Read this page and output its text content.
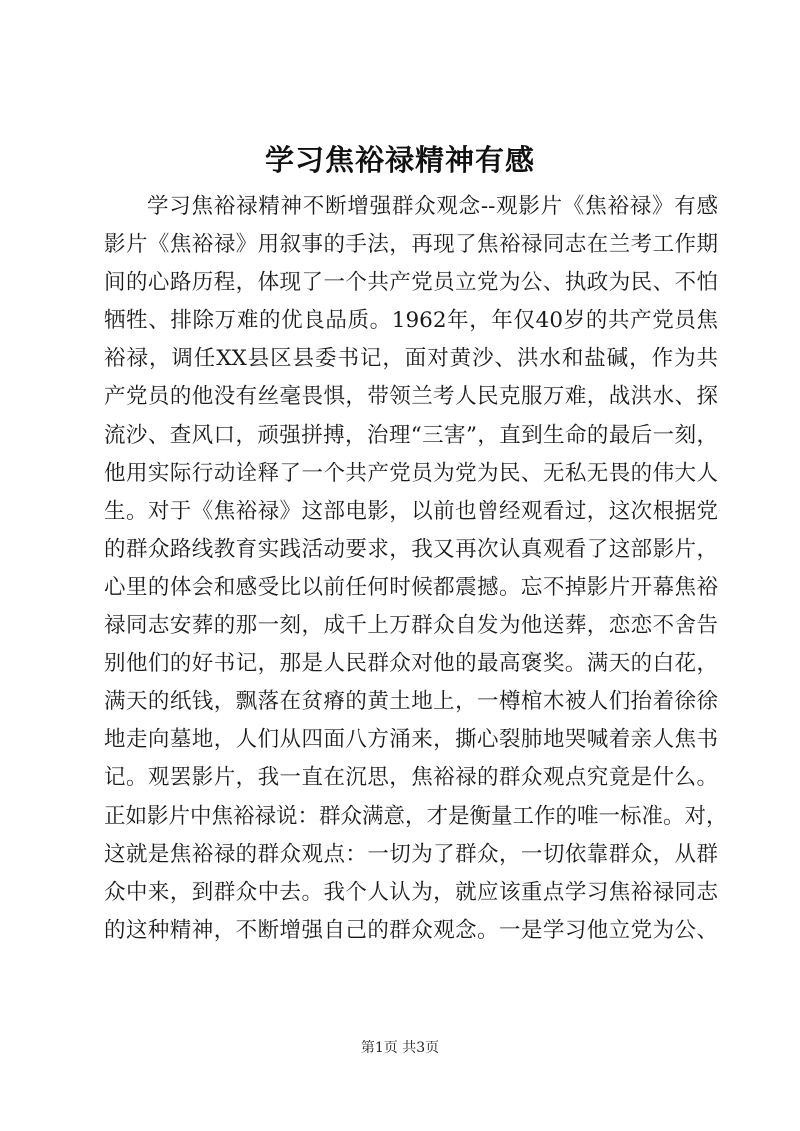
学习焦裕禄精神有感
学习焦裕禄精神不断增强群众观念--观影片《焦裕禄》有感
影片《焦裕禄》用叙事的手法，再现了焦裕禄同志在兰考工作期
间的心路历程，体现了一个共产党员立党为公、执政为民、不怕
牺牲、排除万难的优良品质。1962年，年仅40岁的共产党员焦
裕禄，调任XX县区县委书记，面对黄沙、洪水和盐碱，作为共
产党员的他没有丝毫畏惧，带领兰考人民克服万难，战洪水、探
流沙、查风口，顽强拼搏，治理“三害”，直到生命的最后一刻，
他用实际行动诠释了一个共产党员为党为民、无私无畏的伟大人
生。对于《焦裕禄》这部电影，以前也曾经观看过，这次根据党
的群众路线教育实践活动要求，我又再次认真观看了这部影片，
心里的体会和感受比以前任何时候都震撼。忘不掉影片开幕焦裕
禄同志安葬的那一刻，成千上万群众自发为他送葬，恋恋不舍告
别他们的好书记，那是人民群众对他的最高褒奖。满天的白花，
满天的纸钱，飘落在贫瘠的黄土地上，一樽棺木被人们抬着徐徐
地走向墓地，人们从四面八方涌来，撕心裂肺地哭喊着亲人焦书
记。观罢影片，我一直在沉思，焦裕禄的群众观点究竟是什么。
正如影片中焦裕禄说：群众满意，才是衡量工作的唯一标准。对，
这就是焦裕禄的群众观点：一切为了群众，一切依靠群众，从群
众中来，到群众中去。我个人认为，就应该重点学习焦裕禄同志
的这种精神，不断增强自己的群众观念。一是学习他立党为公、
第1页 共3页
